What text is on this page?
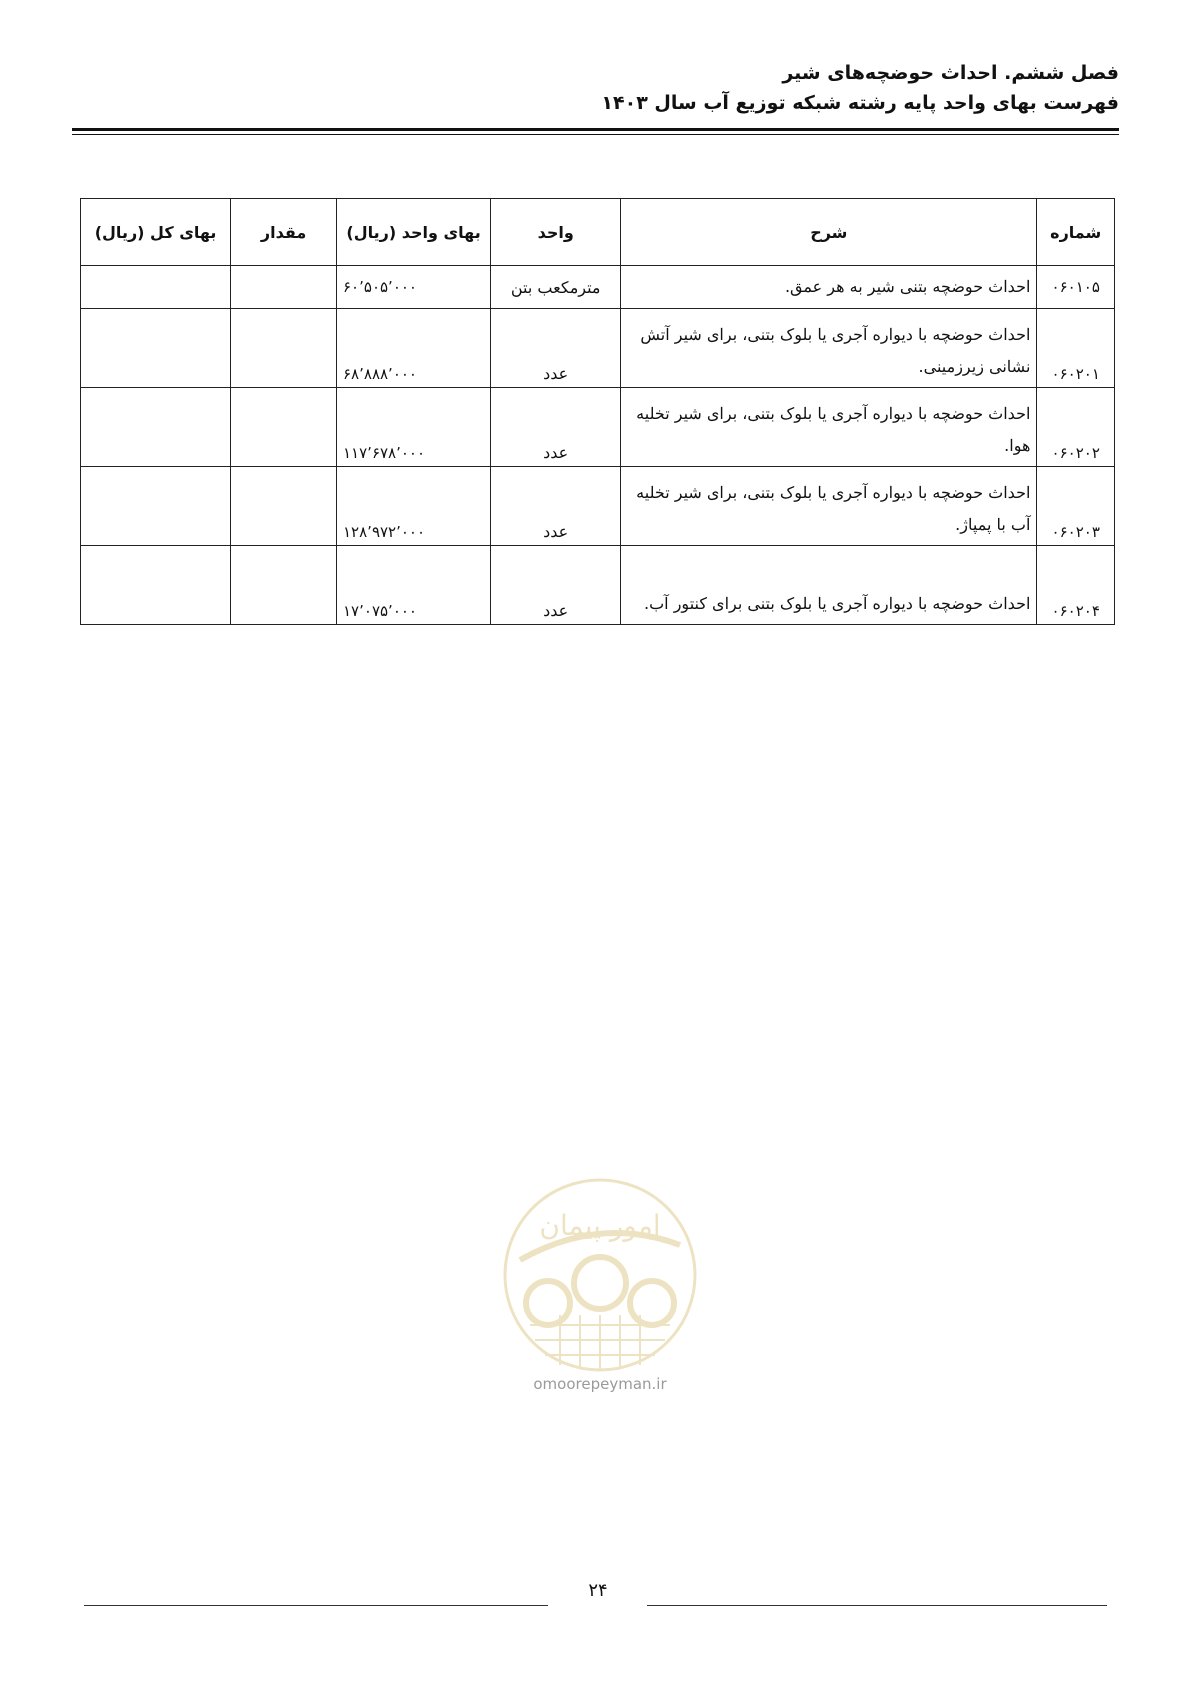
فصل ششم. احداث حوضچه‌های شیر
فهرست بهای واحد پایه رشته شبکه توزیع آب سال ۱۴۰۳
شماره	شرح	واحد	بهای واحد (ریال)	مقدار	بهای کل (ریال)
۰۶۰۱۰۵	احداث حوضچه بتنی شیر به هر عمق.	مترمکعب بتن	۶۰٬۵۰۵٬۰۰۰		
۰۶۰۲۰۱	احداث حوضچه با دیواره آجری یا بلوک بتنی، برای شیر آتش نشانی زیرزمینی.	عدد	۶۸٬۸۸۸٬۰۰۰		
۰۶۰۲۰۲	احداث حوضچه با دیواره آجری یا بلوک بتنی، برای شیر تخلیه هوا.	عدد	۱۱۷٬۶۷۸٬۰۰۰		
۰۶۰۲۰۳	احداث حوضچه با دیواره آجری یا بلوک بتنی، برای شیر تخلیه آب با پمپاژ.	عدد	۱۲۸٬۹۷۲٬۰۰۰		
۰۶۰۲۰۴	احداث حوضچه با دیواره آجری یا بلوک بتنی برای کنتور آب.	عدد	۱۷٬۰۷۵٬۰۰۰		
امور پیمان
omoorepeyman.ir
۲۴
